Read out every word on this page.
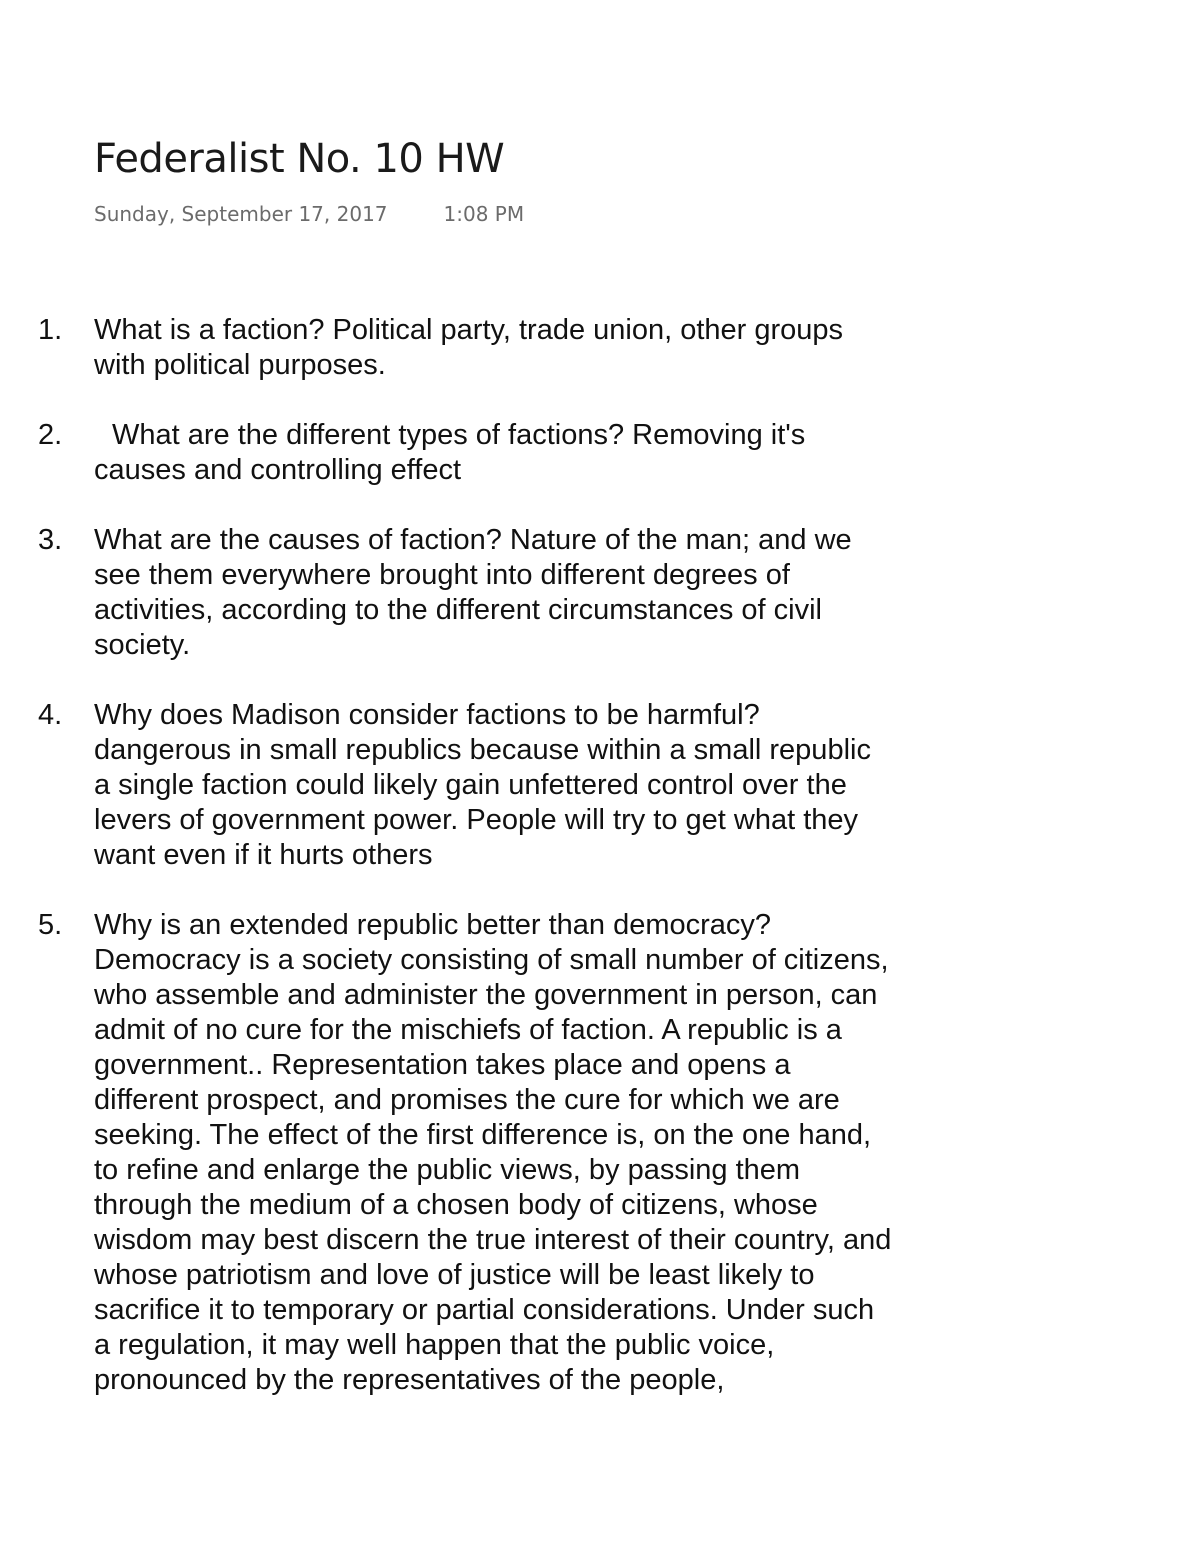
Federalist No. 10 HW
Sunday, September 17, 2017	1:08 PM
1. What is a faction? Political party, trade union, other groups with political purposes.
2.	What are the different types of factions? Removing it's causes and controlling effect
3. What are the causes of faction? Nature of the man; and we see them everywhere brought into different degrees of activities, according to the different circumstances of civil society.
4. Why does Madison consider factions to be harmful? dangerous in small republics because within a small republic a single faction could likely gain unfettered control over the levers of government power. People will try to get what they want even if it hurts others
5. Why is an extended republic better than democracy? Democracy is a society consisting of small number of citizens, who assemble and administer the government in person, can admit of no cure for the mischiefs of faction. A republic is a government.. Representation takes place and opens a different prospect, and promises the cure for which we are seeking. The effect of the first difference is, on the one hand, to refine and enlarge the public views, by passing them through the medium of a chosen body of citizens, whose wisdom may best discern the true interest of their country, and whose patriotism and love of justice will be least likely to sacrifice it to temporary or partial considerations. Under such a regulation, it may well happen that the public voice, pronounced by the representatives of the people,
